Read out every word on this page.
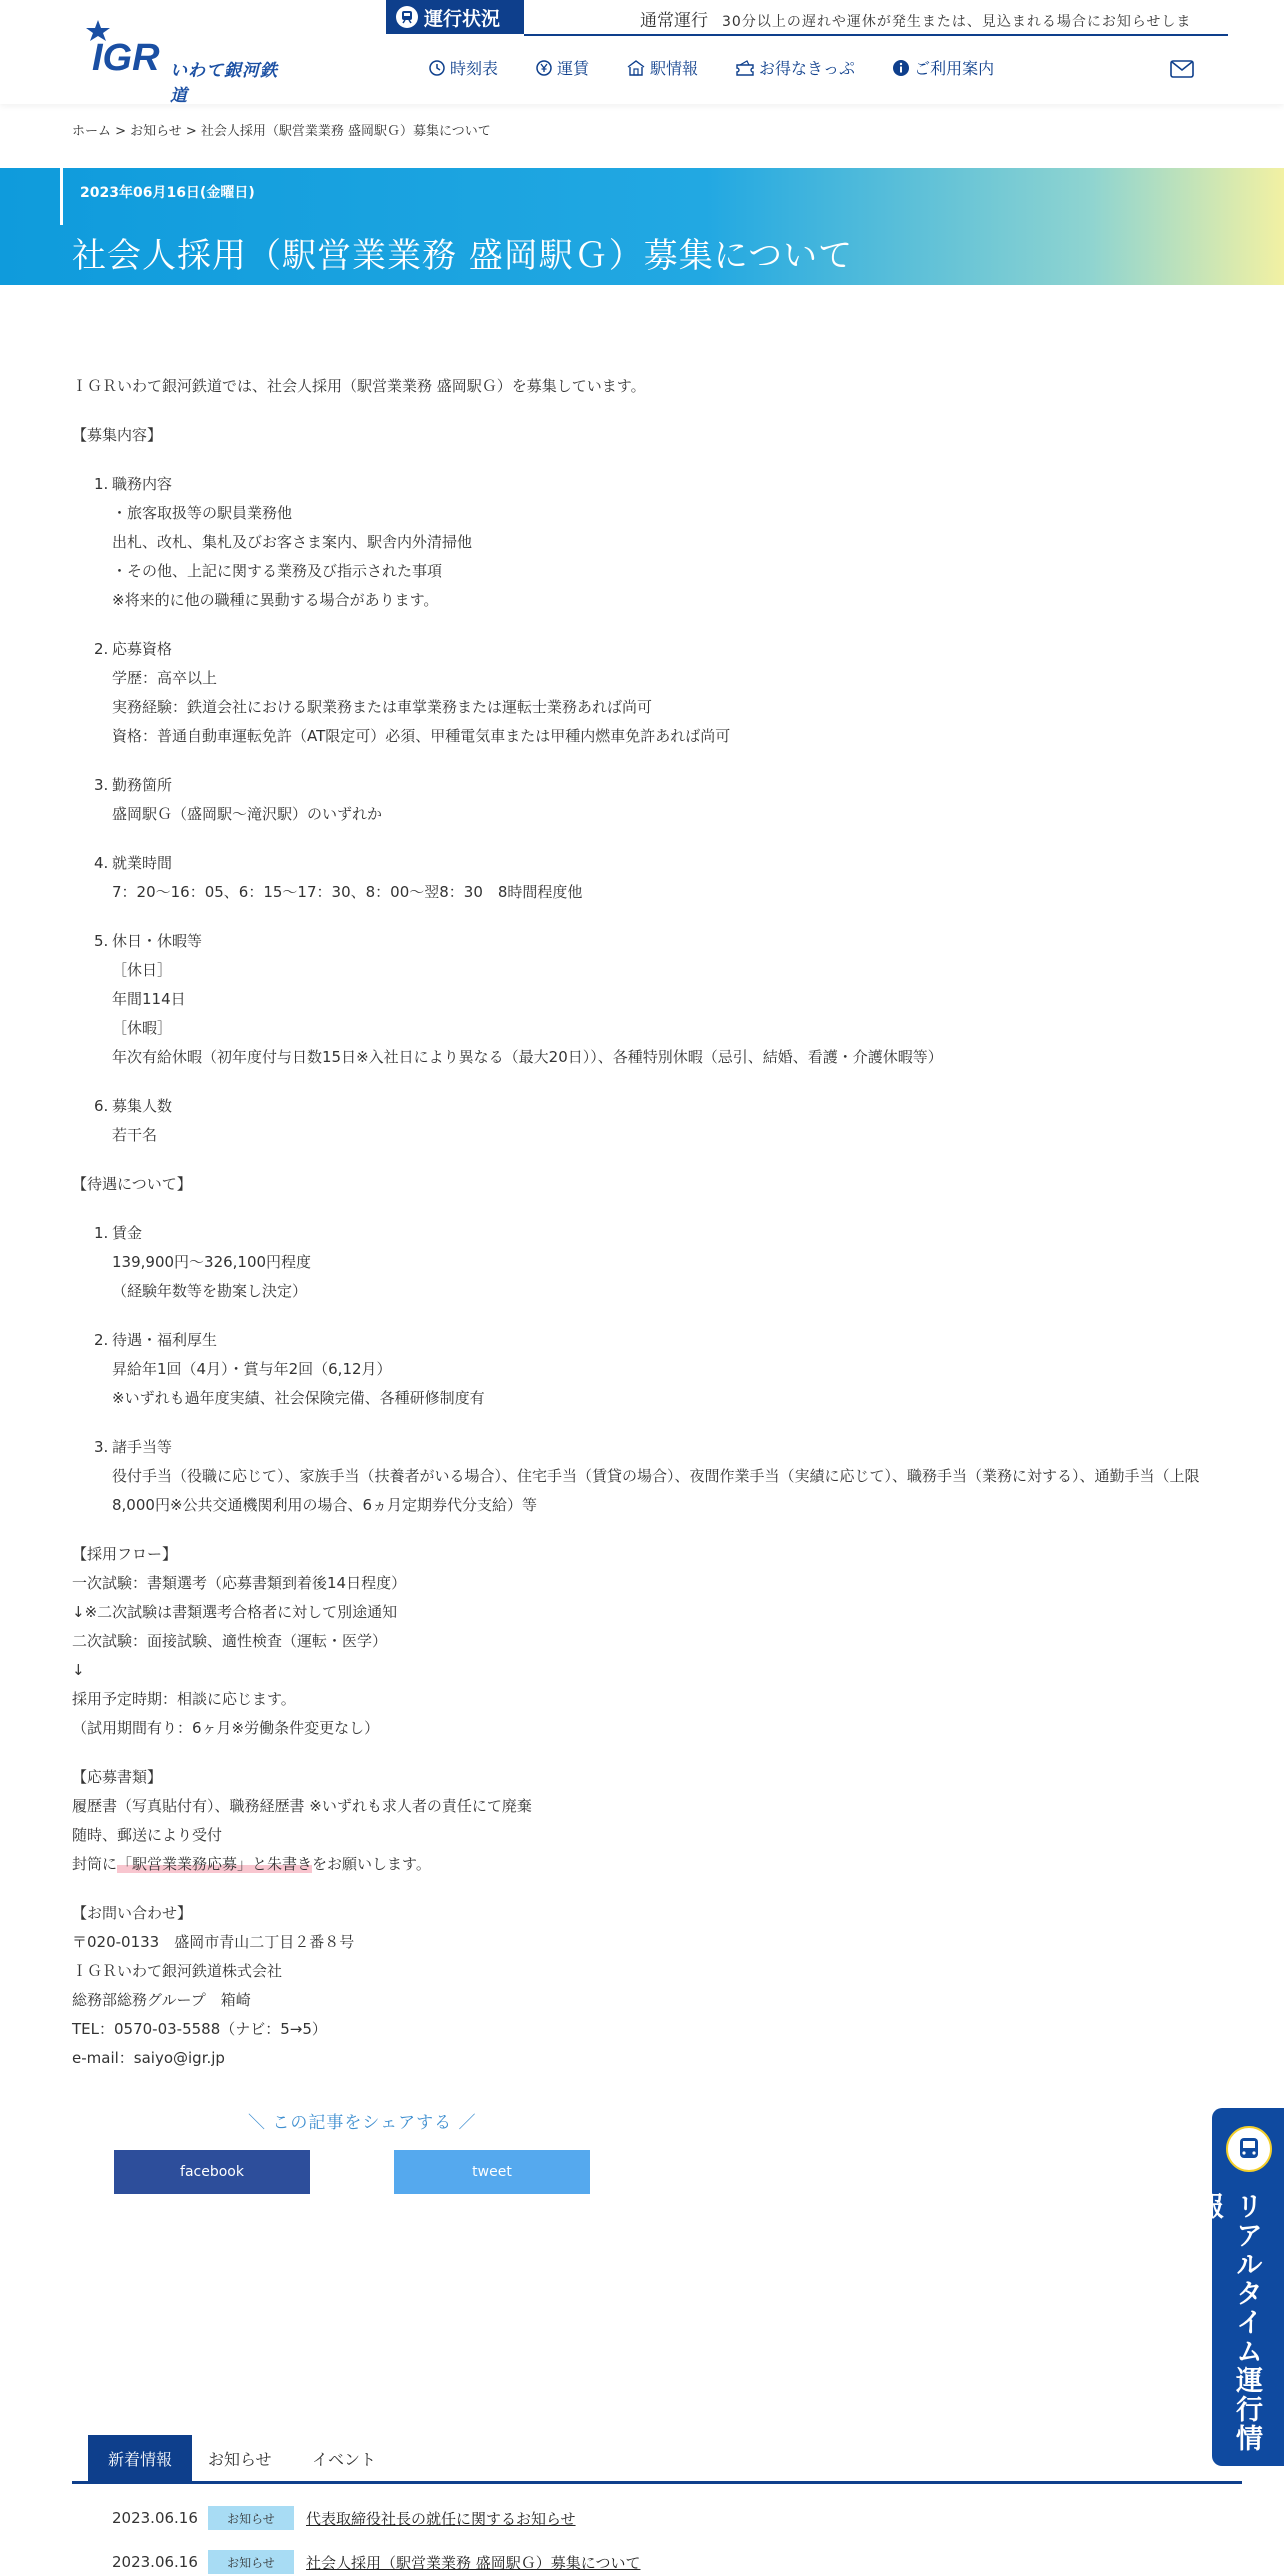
IGR いわて銀河鉄道
運行状況	通常運行 30分以上の遅れや運休が発生または、見込まれる場合にお知らせしま
時刻表	運賃	駅情報	お得なきっぷ	ご利用案内
ホーム > お知らせ > 社会人採用（駅営業業務 盛岡駅Ｇ）募集について
2023年06月16日(金曜日)
社会人採用（駅営業業務 盛岡駅Ｇ）募集について

ＩＧＲいわて銀河鉄道では、社会人採用（駅営業業務 盛岡駅Ｇ）を募集しています。

【募集内容】

1. 職務内容

・旅客取扱等の駅員業務他

出札、改札、集札及びお客さま案内、駅舎内外清掃他

・その他、上記に関する業務及び指示された事項

※将来的に他の職種に異動する場合があります。

2. 応募資格

学歴：高卒以上

実務経験：鉄道会社における駅業務または車掌業務または運転士業務あれば尚可

資格：普通自動車運転免許（AT限定可）必須、甲種電気車または甲種内燃車免許あれば尚可

3. 勤務箇所

盛岡駅Ｇ（盛岡駅〜滝沢駅）のいずれか

4. 就業時間

7：20〜16：05、6：15〜17：30、8：00〜翌8：30　8時間程度他

5. 休日・休暇等

［休日］

年間114日

［休暇］

年次有給休暇（初年度付与日数15日※入社日により異なる（最大20日））、各種特別休暇（忌引、結婚、看護・介護休暇等）

6. 募集人数

若干名

【待遇について】

1. 賃金

139,900円〜326,100円程度

（経験年数等を勘案し決定）

2. 待遇・福利厚生

昇給年1回（4月）・賞与年2回（6,12月）

※いずれも過年度実績、社会保険完備、各種研修制度有

3. 諸手当等

役付手当（役職に応じて）、家族手当（扶養者がいる場合）、住宅手当（賃貸の場合）、夜間作業手当（実績に応じて）、職務手当（業務に対する）、通勤手当（上限8,000円※公共交通機関利用の場合、6ヵ月定期券代分支給）等

【採用フロー】

一次試験：書類選考（応募書類到着後14日程度）

↓※二次試験は書類選考合格者に対して別途通知

二次試験：面接試験、適性検査（運転・医学）

↓

採用予定時期：相談に応じます。

（試用期間有り：6ヶ月※労働条件変更なし）

【応募書類】

履歴書（写真貼付有）、職務経歴書 ※いずれも求人者の責任にて廃棄

随時、郵送により受付

封筒に「駅営業業務応募」と朱書きをお願いします。

【お問い合わせ】

〒020-0133　盛岡市青山二丁目２番８号

ＩＧＲいわて銀河鉄道株式会社

総務部総務グループ　箱崎

TEL：0570-03-5588（ナビ：5→5）

e-mail：saiyo@igr.jp

＼ この記事をシェアする ／
facebook	tweet
リアルタイム運行情報
新着情報	お知らせ	イベント
2023.06.16	お知らせ	代表取締役社長の就任に関するお知らせ
2023.06.16	お知らせ	社会人採用（駅営業業務 盛岡駅Ｇ）募集について
